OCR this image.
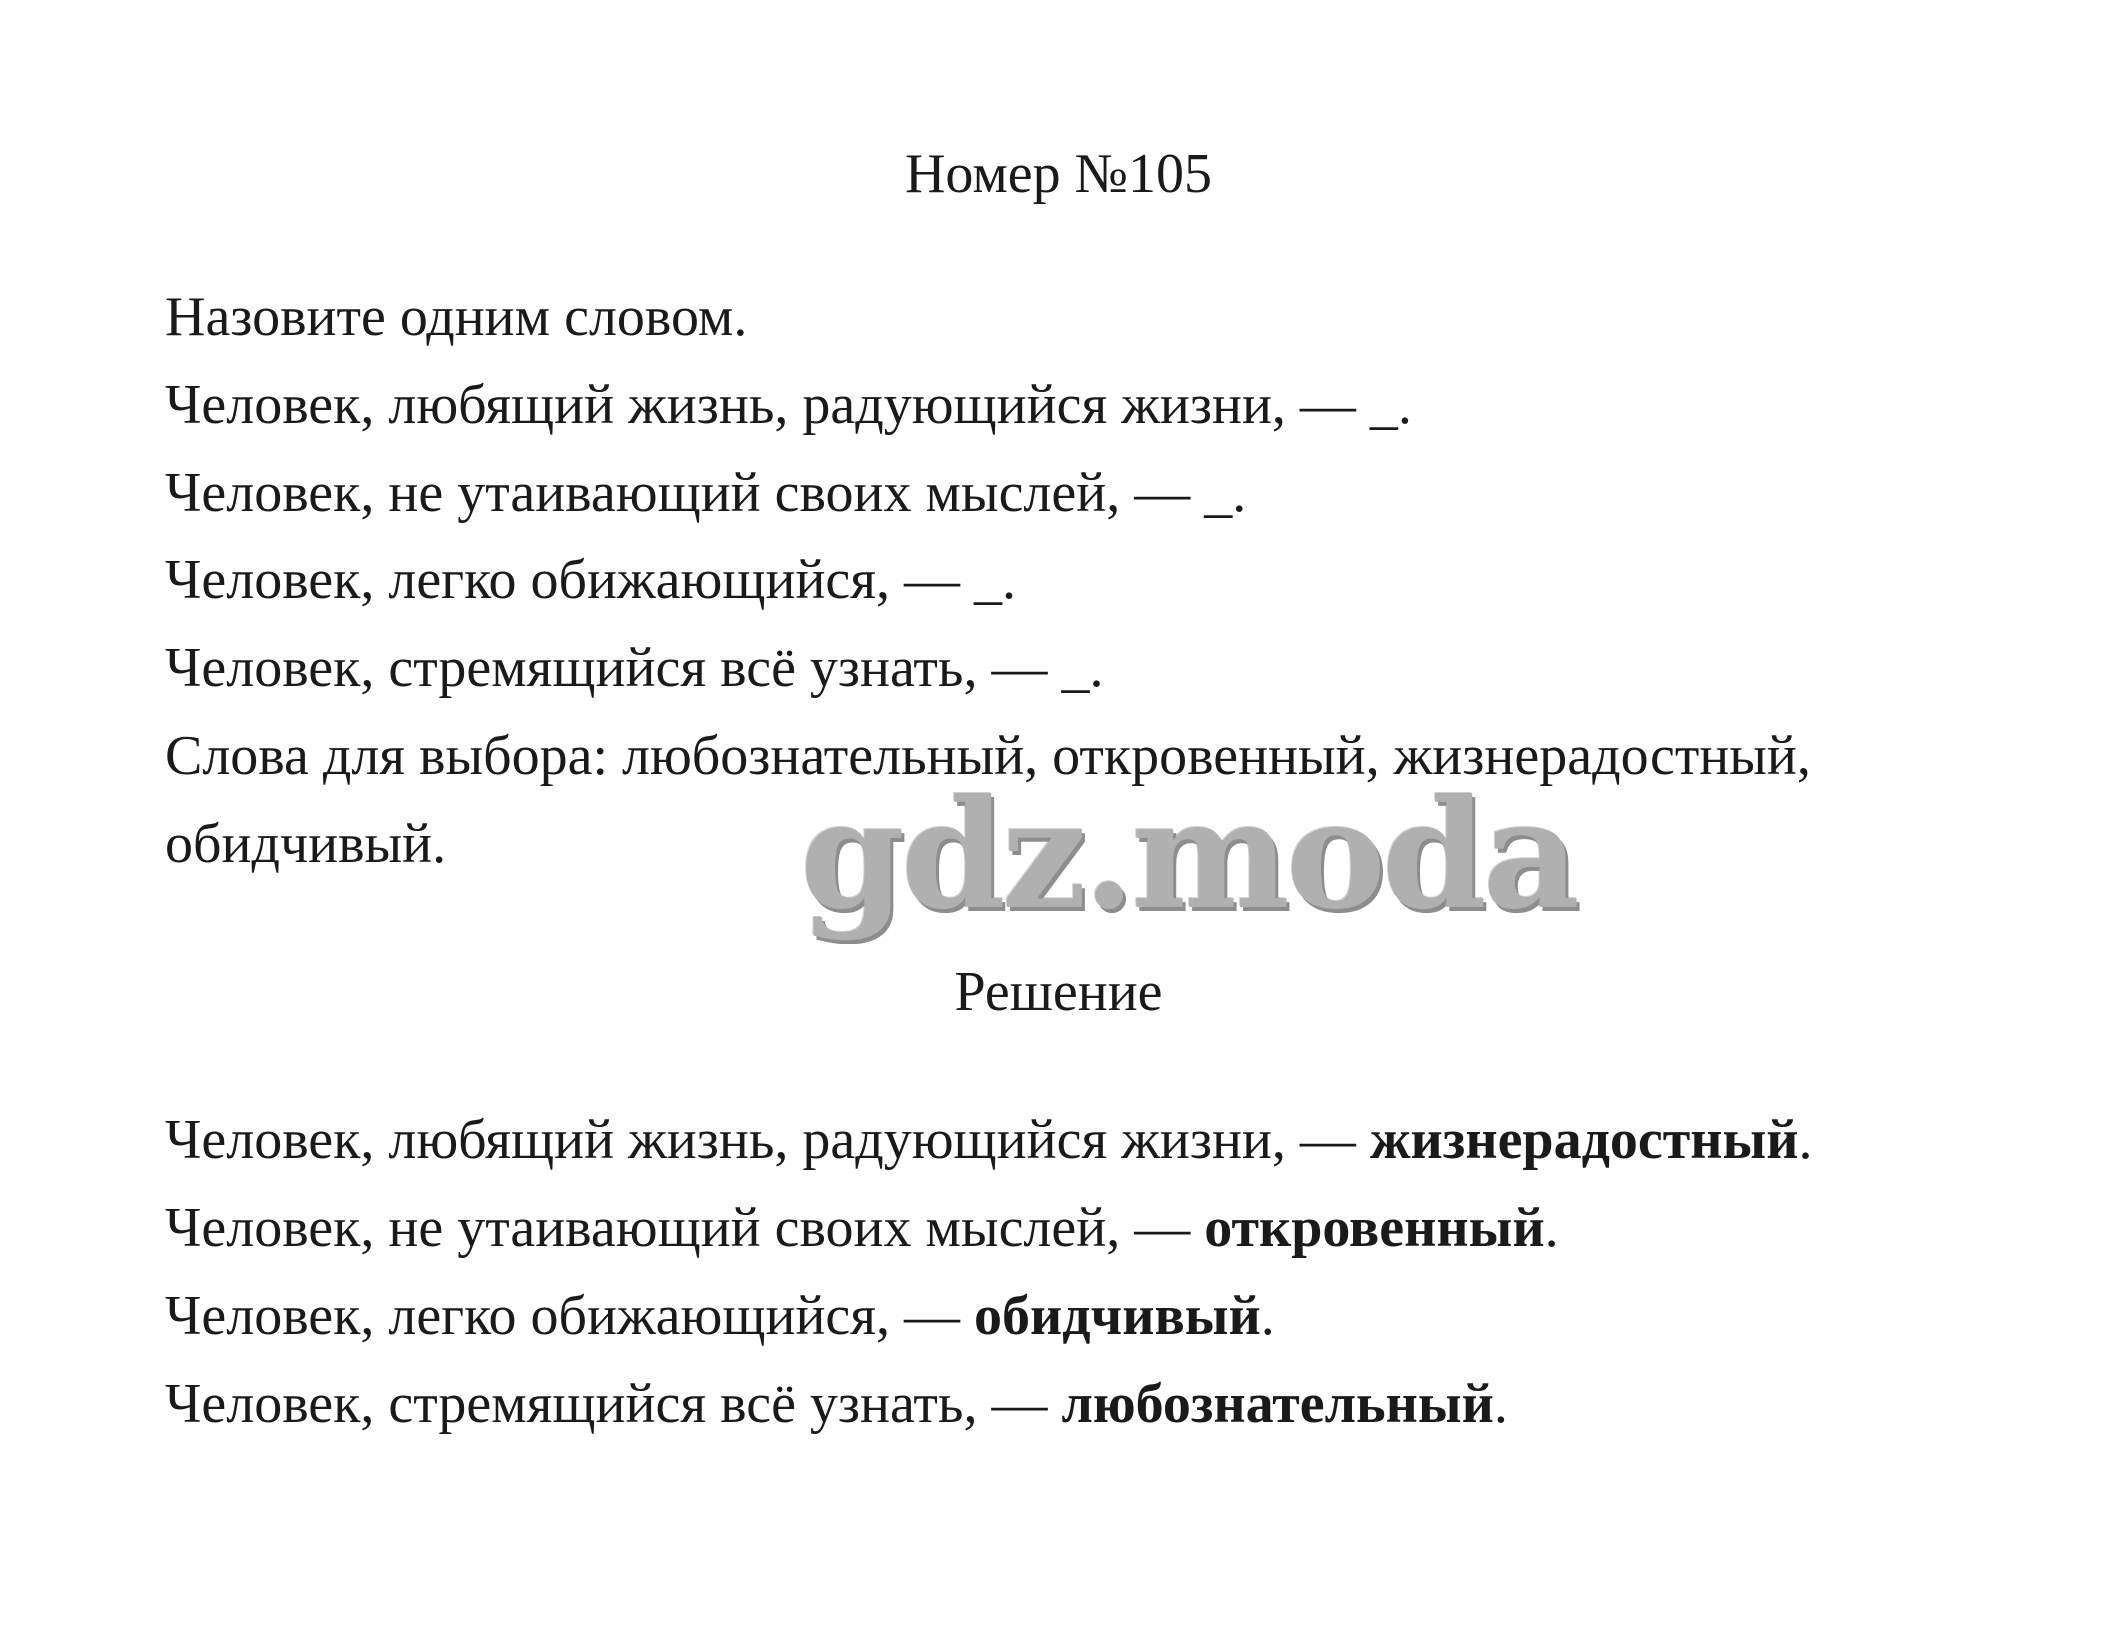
Номер №105
Назовите одним словом.
Человек, любящий жизнь, радующийся жизни, — _.
Человек, не утаивающий своих мыслей, — _.
Человек, легко обижающийся, — _.
Человек, стремящийся всё узнать, — _.
Слова для выбора: любознательный, откровенный, жизнерадостный,
обидчивый. gdz.moda
Решение
Человек, любящий жизнь, радующийся жизни, — жизнерадостный.
Человек, не утаивающий своих мыслей, — откровенный.
Человек, легко обижающийся, — обидчивый.
Человек, стремящийся всё узнать, — любознательный.
